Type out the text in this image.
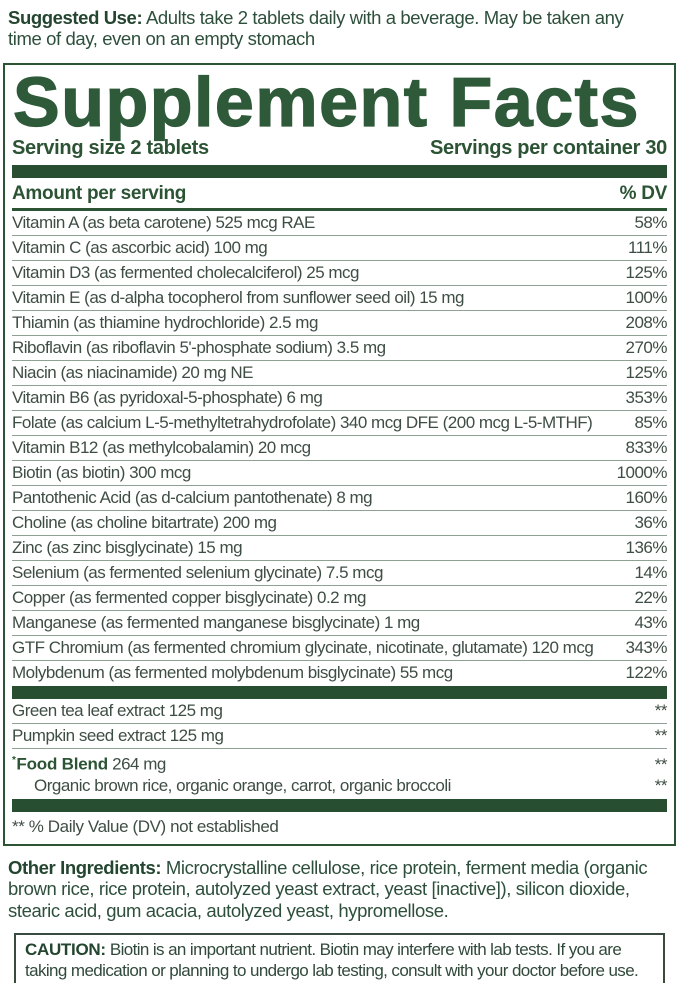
Suggested Use: Adults take 2 tablets daily with a beverage. May be taken any time of day, even on an empty stomach

Supplement Facts
Serving size 2 tablets	Servings per container 30
Amount per serving	% DV
Vitamin A (as beta carotene) 525 mcg RAE	58%
Vitamin C (as ascorbic acid) 100 mg	111%
Vitamin D3 (as fermented cholecalciferol) 25 mcg	125%
Vitamin E (as d-alpha tocopherol from sunflower seed oil) 15 mg	100%
Thiamin (as thiamine hydrochloride) 2.5 mg	208%
Riboflavin (as riboflavin 5'-phosphate sodium) 3.5 mg	270%
Niacin (as niacinamide) 20 mg NE	125%
Vitamin B6 (as pyridoxal-5-phosphate) 6 mg	353%
Folate (as calcium L-5-methyltetrahydrofolate) 340 mcg DFE (200 mcg L-5-MTHF) 85%
Vitamin B12 (as methylcobalamin) 20 mcg	833%
Biotin (as biotin) 300 mcg	1000%
Pantothenic Acid (as d-calcium pantothenate) 8 mg	160%
Choline (as choline bitartrate) 200 mg	36%
Zinc (as zinc bisglycinate) 15 mg	136%
Selenium (as fermented selenium glycinate) 7.5 mcg	14%
Copper (as fermented copper bisglycinate) 0.2 mg	22%
Manganese (as fermented manganese bisglycinate) 1 mg	43%
GTF Chromium (as fermented chromium glycinate, nicotinate, glutamate) 120 mcg 343%
Molybdenum (as fermented molybdenum bisglycinate) 55 mcg	122%
Green tea leaf extract 125 mg	**
Pumpkin seed extract 125 mg	**
*Food Blend 264 mg	**
Organic brown rice, organic orange, carrot, organic broccoli	**
** % Daily Value (DV) not established

Other Ingredients: Microcrystalline cellulose, rice protein, ferment media (organic brown rice, rice protein, autolyzed yeast extract, yeast [inactive]), silicon dioxide, stearic acid, gum acacia, autolyzed yeast, hypromellose.

CAUTION: Biotin is an important nutrient. Biotin may interfere with lab tests. If you are taking medication or planning to undergo lab testing, consult with your doctor before use.
